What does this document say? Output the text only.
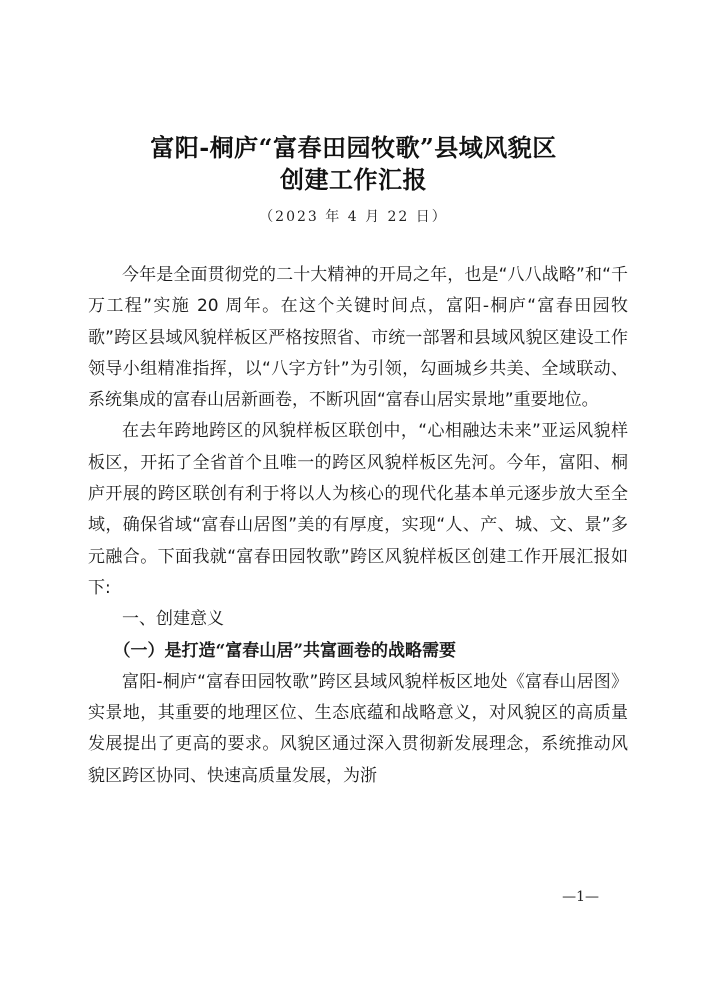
富阳-桐庐“富春田园牧歌”县域风貌区
创建工作汇报
（2023 年 4 月 22 日）

今年是全面贯彻党的二十大精神的开局之年，也是“八八战略”和“千万工程”实施 20 周年。在这个关键时间点，富阳-桐庐“富春田园牧歌”跨区县域风貌样板区严格按照省、市统一部署和县域风貌区建设工作领导小组精准指挥，以“八字方针”为引领，勾画城乡共美、全域联动、系统集成的富春山居新画卷，不断巩固“富春山居实景地”重要地位。

在去年跨地跨区的风貌样板区联创中，“心相融达未来”亚运风貌样板区，开拓了全省首个且唯一的跨区风貌样板区先河。今年，富阳、桐庐开展的跨区联创有利于将以人为核心的现代化基本单元逐步放大至全域，确保省域“富春山居图”美的有厚度，实现“人、产、城、文、景”多元融合。下面我就“富春田园牧歌”跨区风貌样板区创建工作开展汇报如下:

一、创建意义

（一）是打造“富春山居”共富画卷的战略需要

富阳-桐庐“富春田园牧歌”跨区县域风貌样板区地处《富春山居图》实景地，其重要的地理区位、生态底蕴和战略意义，对风貌区的高质量发展提出了更高的要求。风貌区通过深入贯彻新发展理念，系统推动风貌区跨区协同、快速高质量发展，为浙

—1—
